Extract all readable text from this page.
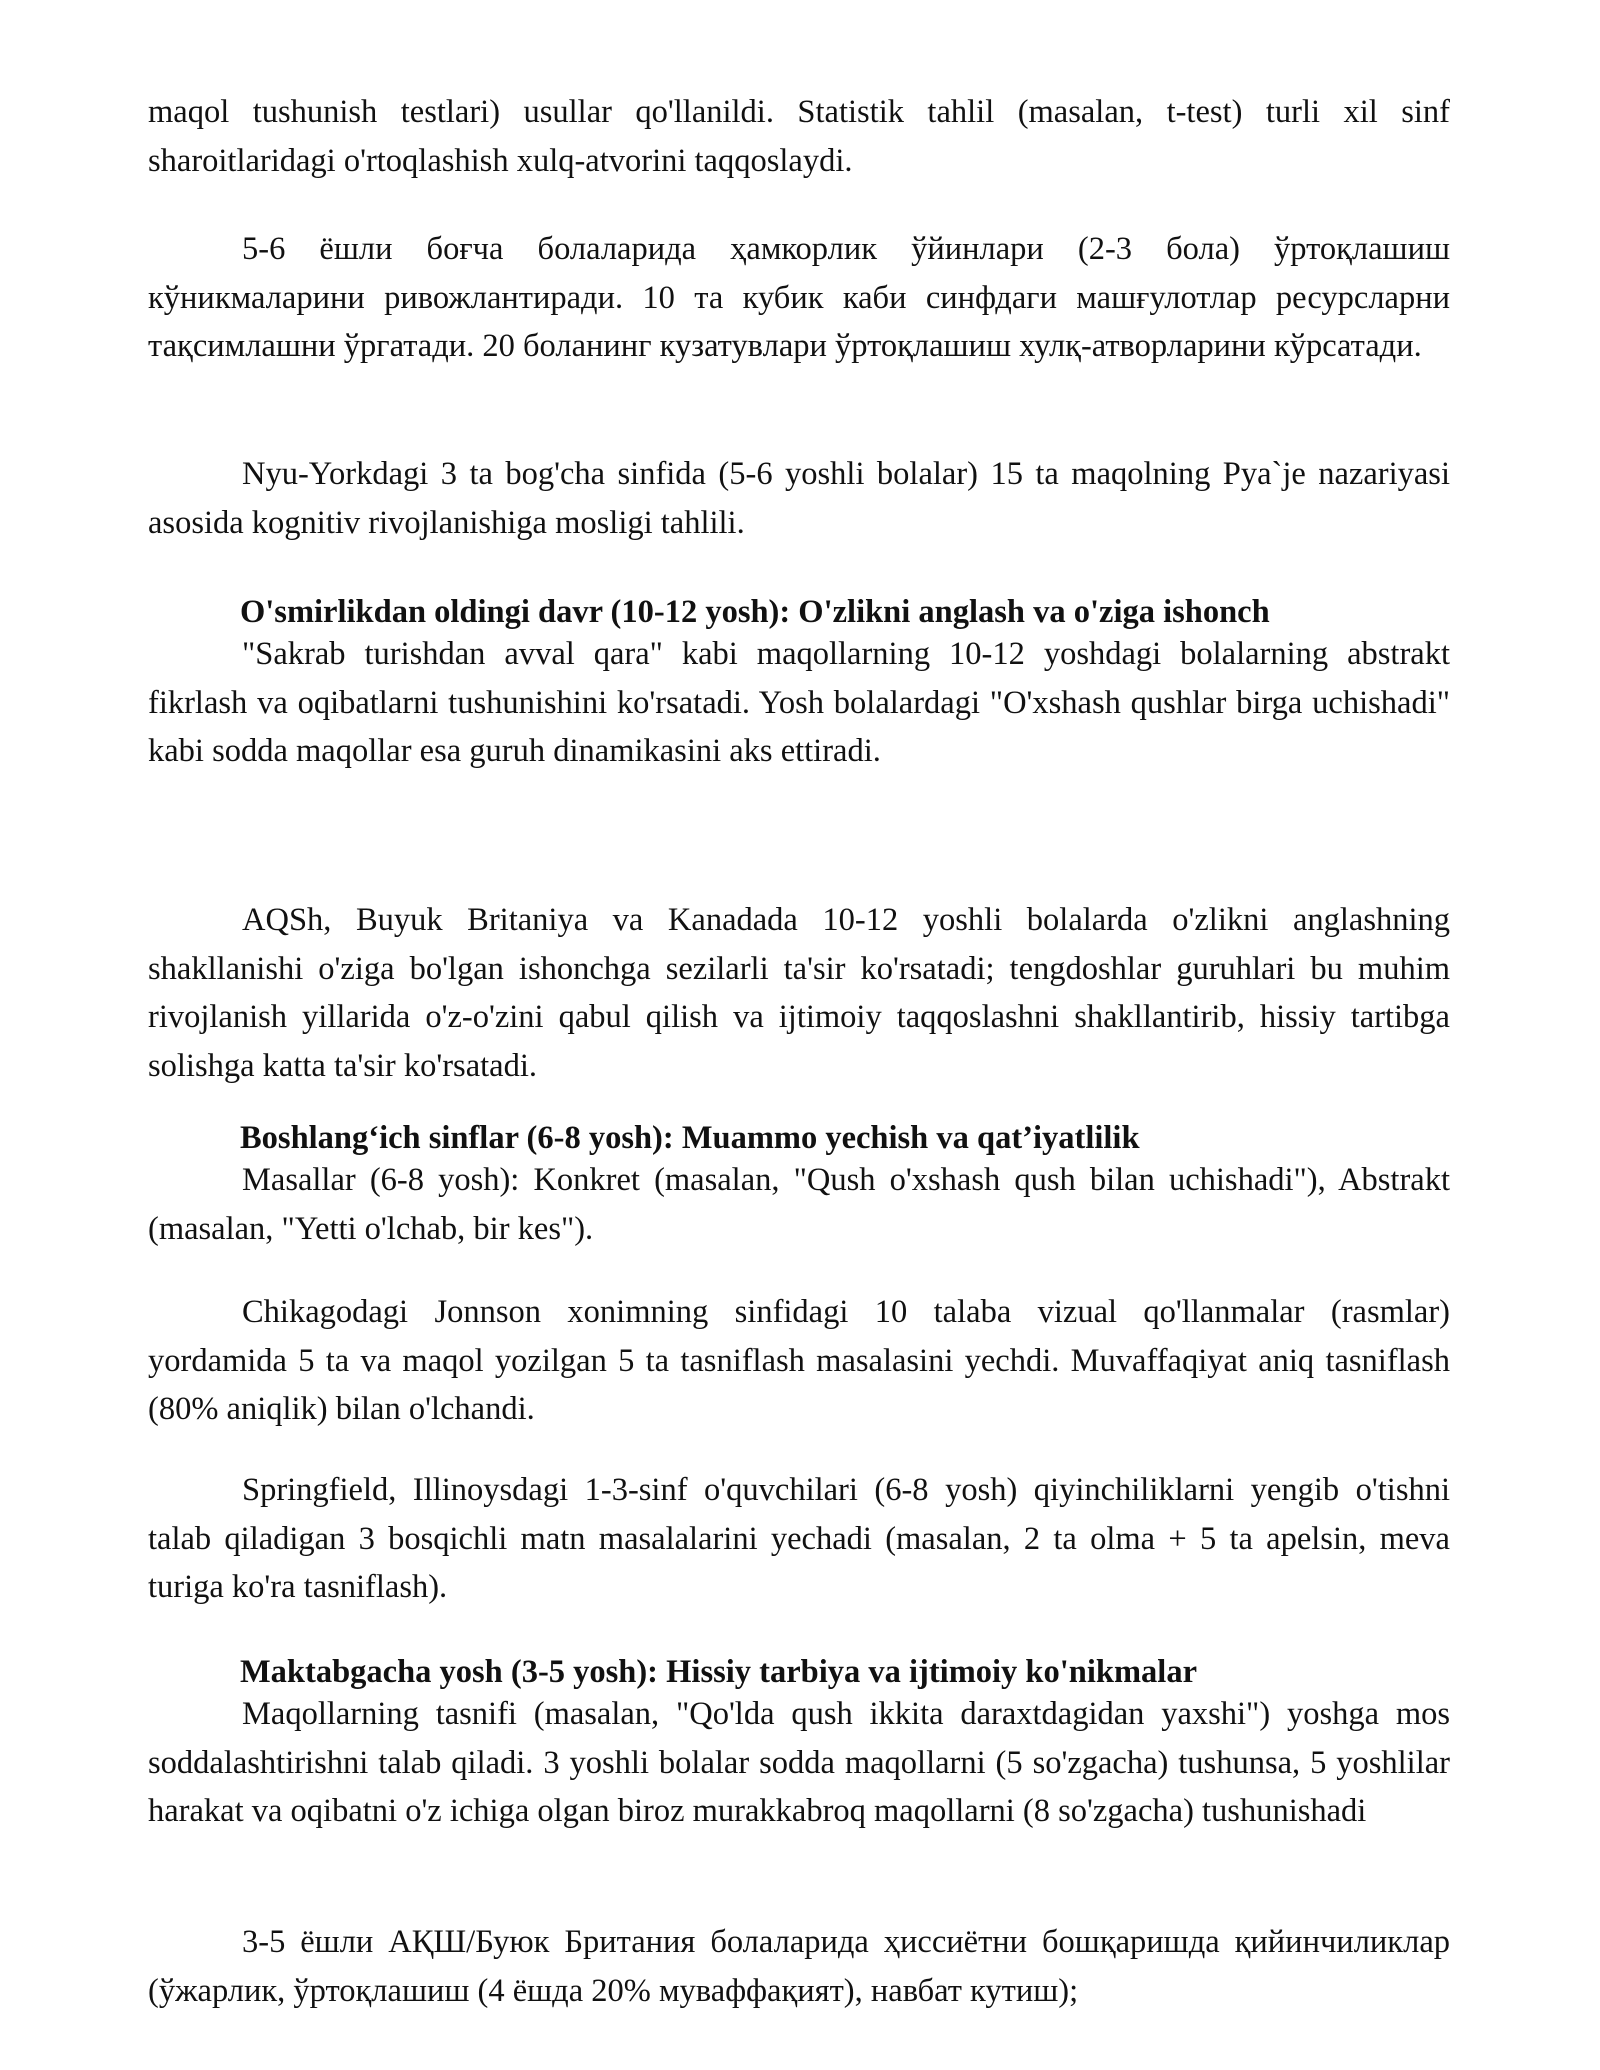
maqol tushunish testlari) usullar qo'llanildi. Statistik tahlil (masalan, t-test) turli xil sinf sharoitlaridagi o'rtoqlashish xulq-atvorini taqqoslaydi.

5-6 ёшли боғча болаларида ҳамкорлик ўйинлари (2-3 бола) ўртоқлашиш кўникмаларини ривожлантиради. 10 та кубик каби синфдаги машғулотлар ресурсларни тақсимлашни ўргатади. 20 боланинг кузатувлари ўртоқлашиш хулқ-атворларини кўрсатади.

Nyu-Yorkdagi 3 ta bog'cha sinfida (5-6 yoshli bolalar) 15 ta maqolning Pya`je nazariyasi asosida kognitiv rivojlanishiga mosligi tahlili.

O'smirlikdan oldingi davr (10-12 yosh): O'zlikni anglash va o'ziga ishonch

"Sakrab turishdan avval qara" kabi maqollarning 10-12 yoshdagi bolalarning abstrakt fikrlash va oqibatlarni tushunishini ko'rsatadi. Yosh bolalardagi "O'xshash qushlar birga uchishadi" kabi sodda maqollar esa guruh dinamikasini aks ettiradi.

AQSh, Buyuk Britaniya va Kanadada 10-12 yoshli bolalarda o'zlikni anglashning shakllanishi o'ziga bo'lgan ishonchga sezilarli ta'sir ko'rsatadi; tengdoshlar guruhlari bu muhim rivojlanish yillarida o'z-o'zini qabul qilish va ijtimoiy taqqoslashni shakllantirib, hissiy tartibga solishga katta ta'sir ko'rsatadi.

Boshlang‘ich sinflar (6-8 yosh): Muammo yechish va qat’iyatlilik

Masallar (6-8 yosh): Konkret (masalan, "Qush o'xshash qush bilan uchishadi"), Abstrakt (masalan, "Yetti o'lchab, bir kes").

Chikagodagi Jonnson xonimning sinfidagi 10 talaba vizual qo'llanmalar (rasmlar) yordamida 5 ta va maqol yozilgan 5 ta tasniflash masalasini yechdi. Muvaffaqiyat aniq tasniflash (80% aniqlik) bilan o'lchandi.

Springfield, Illinoysdagi 1-3-sinf o'quvchilari (6-8 yosh) qiyinchiliklarni yengib o'tishni talab qiladigan 3 bosqichli matn masalalarini yechadi (masalan, 2 ta olma + 5 ta apelsin, meva turiga ko'ra tasniflash).

Maktabgacha yosh (3-5 yosh): Hissiy tarbiya va ijtimoiy ko'nikmalar

Maqollarning tasnifi (masalan, "Qo'lda qush ikkita daraxtdagidan yaxshi") yoshga mos soddalashtirishni talab qiladi. 3 yoshli bolalar sodda maqollarni (5 so'zgacha) tushunsa, 5 yoshlilar harakat va oqibatni o'z ichiga olgan biroz murakkabroq maqollarni (8 so'zgacha) tushunishadi

3-5 ёшли АҚШ/Буюк Британия болаларида ҳиссиётни бошқаришда қийинчиликлар (ўжарлик, ўртоқлашиш (4 ёшда 20% муваффақият), навбат кутиш);
